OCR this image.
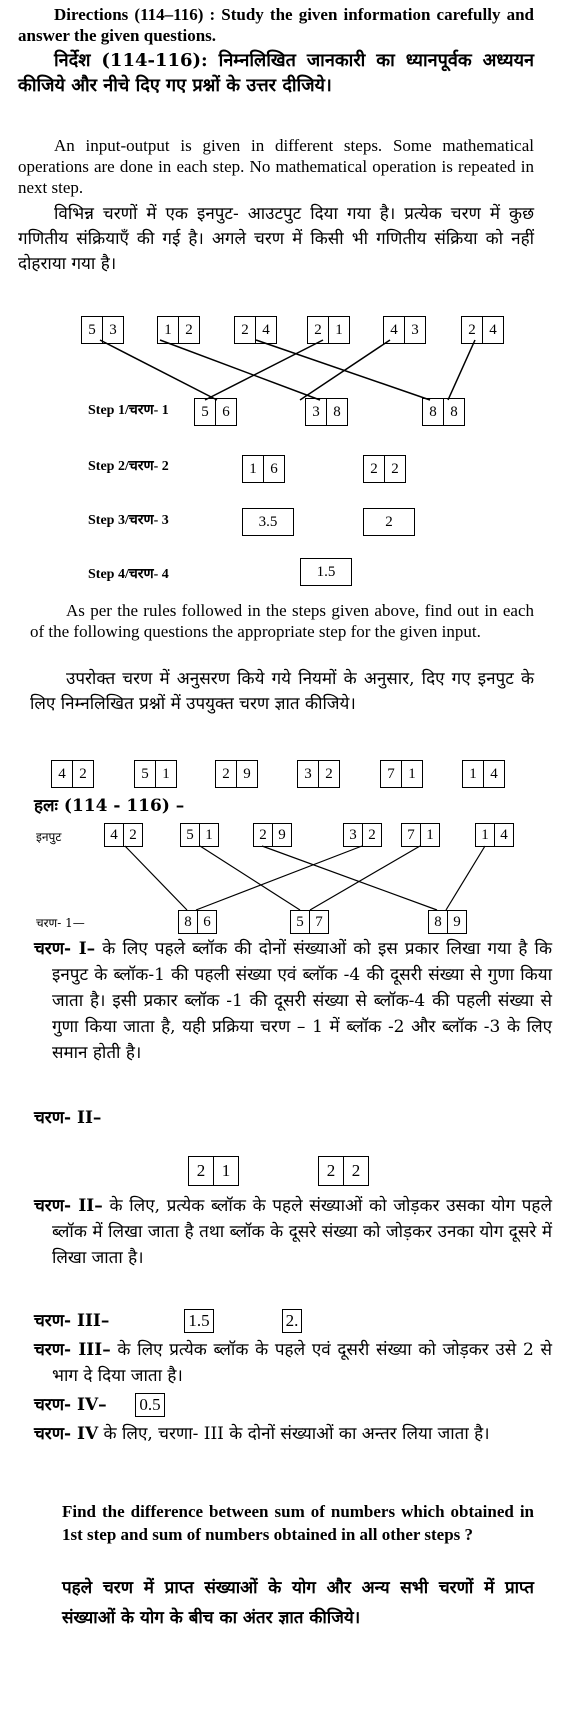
Directions (114–116) : Study the given information carefully and answer the given questions.

निर्देश (114-116): निम्नलिखित जानकारी का ध्यानपूर्वक अध्ययन कीजिये और नीचे दिए गए प्रश्नों के उत्तर दीजिये।

An input-output is given in different steps. Some mathematical operations are done in each step. No mathematical operation is repeated in next step.

विभिन्न चरणों में एक इनपुट- आउटपुट दिया गया है। प्रत्येक चरण में कुछ गणितीय संक्रियाएँ की गई है। अगले चरण में किसी भी गणितीय संक्रिया को नहीं दोहराया गया है।

5 3	1 2	2 4	2 1	4 3	2 4
Step 1/चरण- 1	5 6	3 8	8 8
Step 2/चरण- 2	1 6	2 2
Step 3/चरण- 3	3.5	2
Step 4/चरण- 4	1.5

As per the rules followed in the steps given above, find out in each of the following questions the appropriate step for the given input.

उपरोक्त चरण में अनुसरण किये गये नियमों के अनुसार, दिए गए इनपुट के लिए निम्नलिखित प्रश्नों में उपयुक्त चरण ज्ञात कीजिये।

4 2	5 1	2 9	3 2	7 1	1 4
हलः (114 - 116) –
इनपुट	4 2	5 1	2 9	3 2	7 1	1 4
चरण- 1—	8 6	5 7	8 9

चरण- I– के लिए पहले ब्लॉक की दोनों संख्याओं को इस प्रकार लिखा गया है कि इनपुट के ब्लॉक-1 की पहली संख्या एवं ब्लॉक -4 की दूसरी संख्या से गुणा किया जाता है। इसी प्रकार ब्लॉक -1 की दूसरी संख्या से ब्लॉक-4 की पहली संख्या से गुणा किया जाता है, यही प्रक्रिया चरण – 1 में ब्लॉक -2 और ब्लॉक -3 के लिए समान होती है।

चरण- II–
2 1	2 2

चरण- II– के लिए, प्रत्येक ब्लॉक के पहले संख्याओं को जोड़कर उसका योग पहले ब्लॉक में लिखा जाता है तथा ब्लॉक के दूसरे संख्या को जोड़कर उनका योग दूसरे में लिखा जाता है।

चरण- III–	1.5	2.

चरण- III– के लिए प्रत्येक ब्लॉक के पहले एवं दूसरी संख्या को जोड़कर उसे 2 से भाग दे दिया जाता है।

चरण- IV– 0.5

चरण- IV के लिए, चरणा- III के दोनों संख्याओं का अन्तर लिया जाता है।

Find the difference between sum of numbers which obtained in 1st step and sum of numbers obtained in all other steps ?

पहले चरण में प्राप्त संख्याओं के योग और अन्य सभी चरणों में प्राप्त संख्याओं के योग के बीच का अंतर ज्ञात कीजिये।
